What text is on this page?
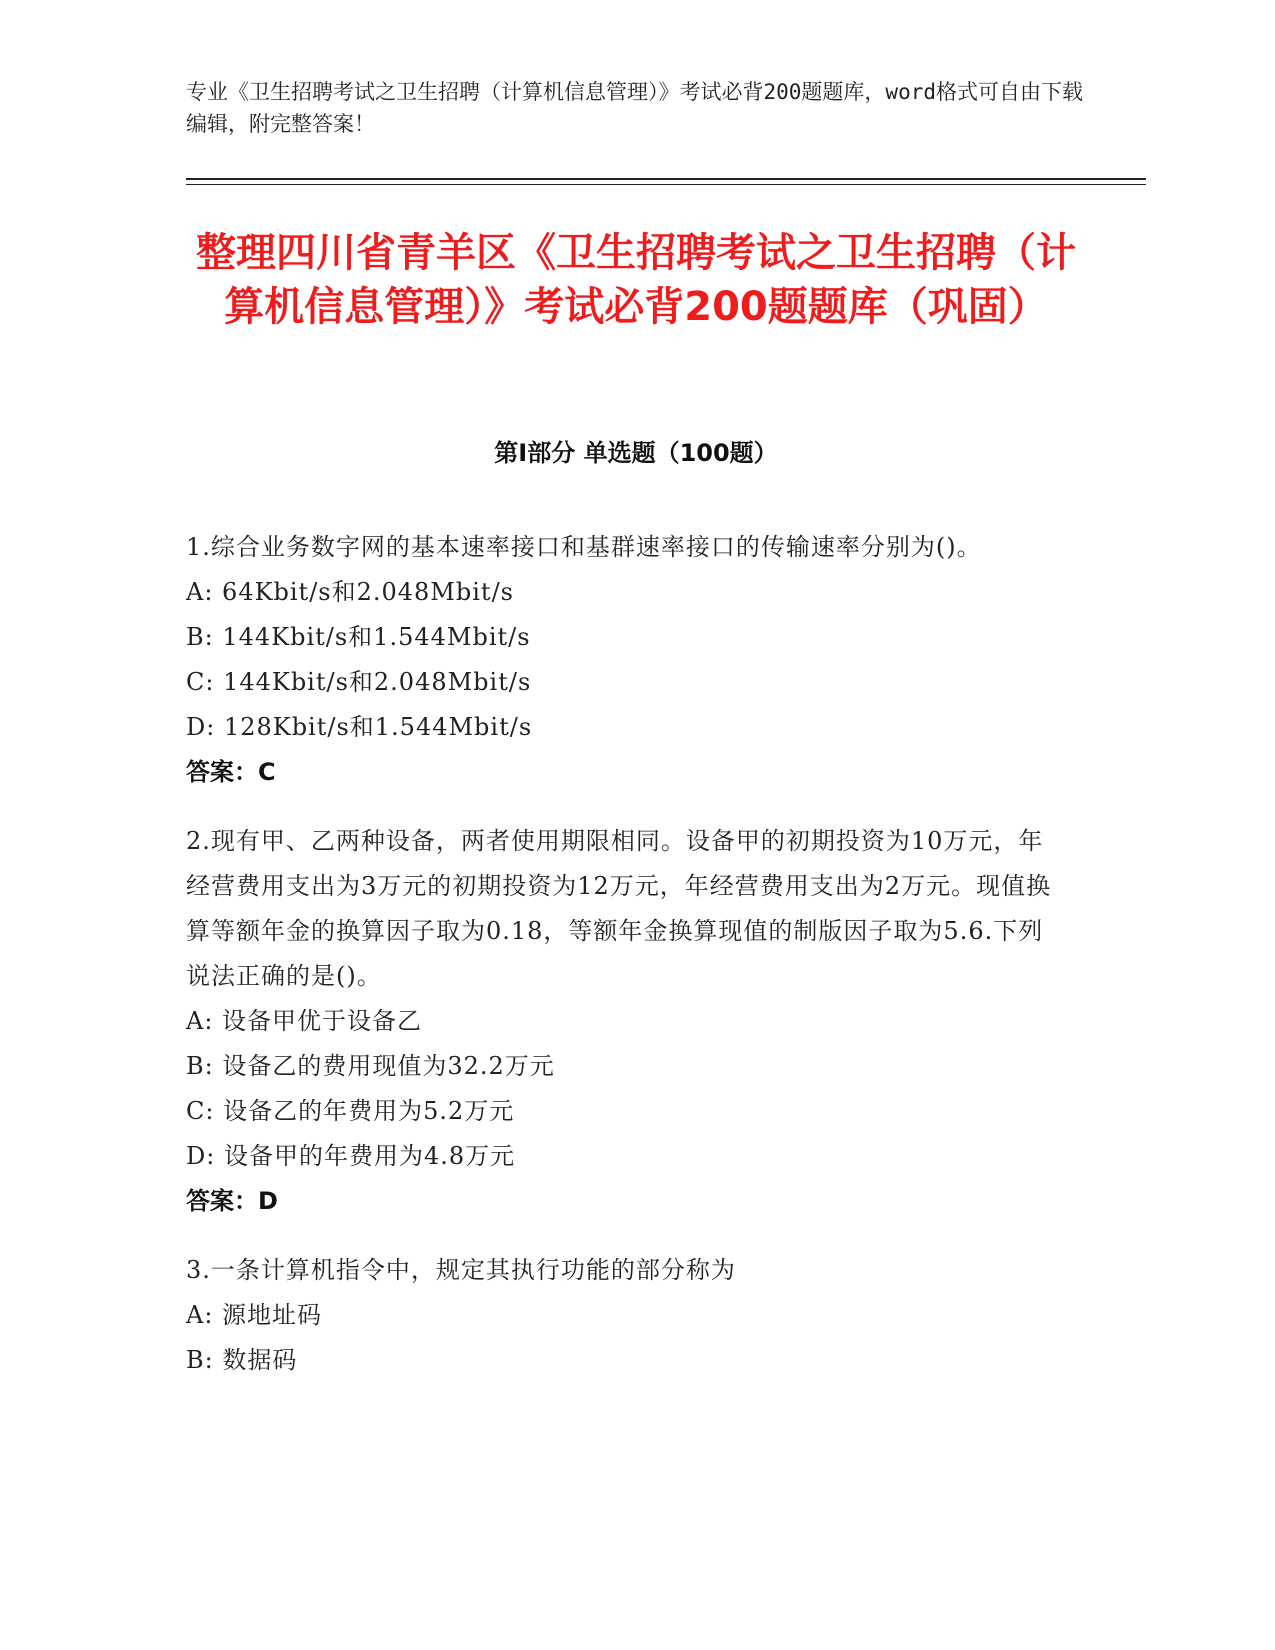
专业《卫生招聘考试之卫生招聘（计算机信息管理）》考试必背200题题库，word格式可自由下载编辑，附完整答案！
整理四川省青羊区《卫生招聘考试之卫生招聘（计算机信息管理）》考试必背200题题库（巩固）
第Ⅰ部分 单选题（100题）
1.综合业务数字网的基本速率接口和基群速率接口的传输速率分别为()。
A: 64Kbit/s和2.048Mbit/s
B: 144Kbit/s和1.544Mbit/s
C: 144Kbit/s和2.048Mbit/s
D: 128Kbit/s和1.544Mbit/s
答案：C
2.现有甲、乙两种设备，两者使用期限相同。设备甲的初期投资为10万元，年经营费用支出为3万元的初期投资为12万元，年经营费用支出为2万元。现值换算等额年金的换算因子取为0.18，等额年金换算现值的制版因子取为5.6.下列说法正确的是()。
A: 设备甲优于设备乙
B: 设备乙的费用现值为32.2万元
C: 设备乙的年费用为5.2万元
D: 设备甲的年费用为4.8万元
答案：D
3.一条计算机指令中，规定其执行功能的部分称为
A: 源地址码
B: 数据码
